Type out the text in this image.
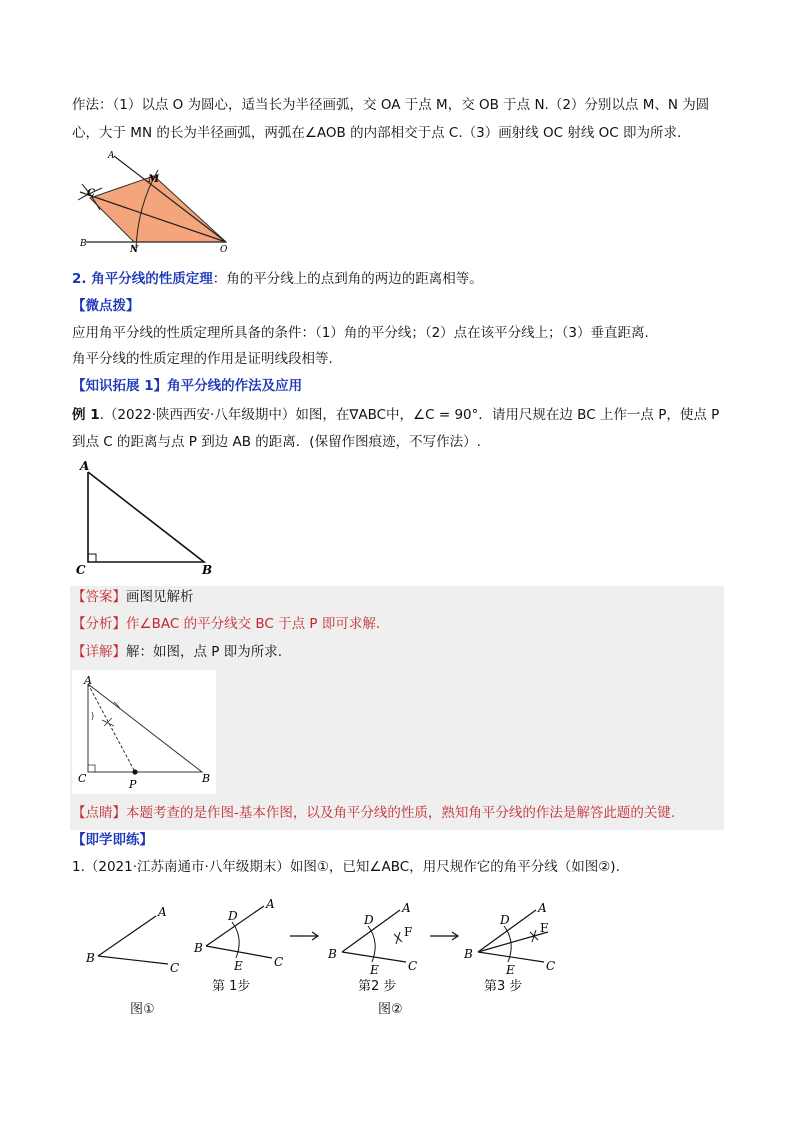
作法：（1）以点 O 为圆心，适当长为半径画弧，交 OA 于点 M，交 OB 于点 N.（2）分别以点 M、N 为圆
心，大于 MN 的长为半径画弧，两弧在∠AOB 的内部相交于点 C.（3）画射线 OC 射线 OC 即为所求.
A
M
C
B
N	O
2. 角平分线的性质定理：角的平分线上的点到角的两边的距离相等。
【微点拨】
应用角平分线的性质定理所具备的条件：（1）角的平分线；（2）点在该平分线上；（3）垂直距离.
角平分线的性质定理的作用是证明线段相等.
【知识拓展 1】角平分线的作法及应用
例 1.（2022·陕西西安·八年级期中）如图，在∇ABC中，∠C = 90°．请用尺规在边 BC 上作一点 P，使点 P
到点 C 的距离与点 P 到边 AB 的距离．(保留作图痕迹，不写作法）.
A
C	B
【答案】画图见解析
【分析】作∠BAC 的平分线交 BC 于点 P 即可求解.
【详解】解：如图，点 P 即为所求.
A
C	P	B
【点睛】本题考查的是作图-基本作图，以及角平分线的性质，熟知角平分线的作法是解答此题的关键.
【即学即练】
1.（2021·江苏南通市·八年级期末）如图①，已知∠ABC，用尺规作它的角平分线（如图②).
A
B
C
D
A
B
E	C
D
A
F
B
E C
D
A
F
B
E	C
第 1步	第2 步	第3 步
图①	图②
